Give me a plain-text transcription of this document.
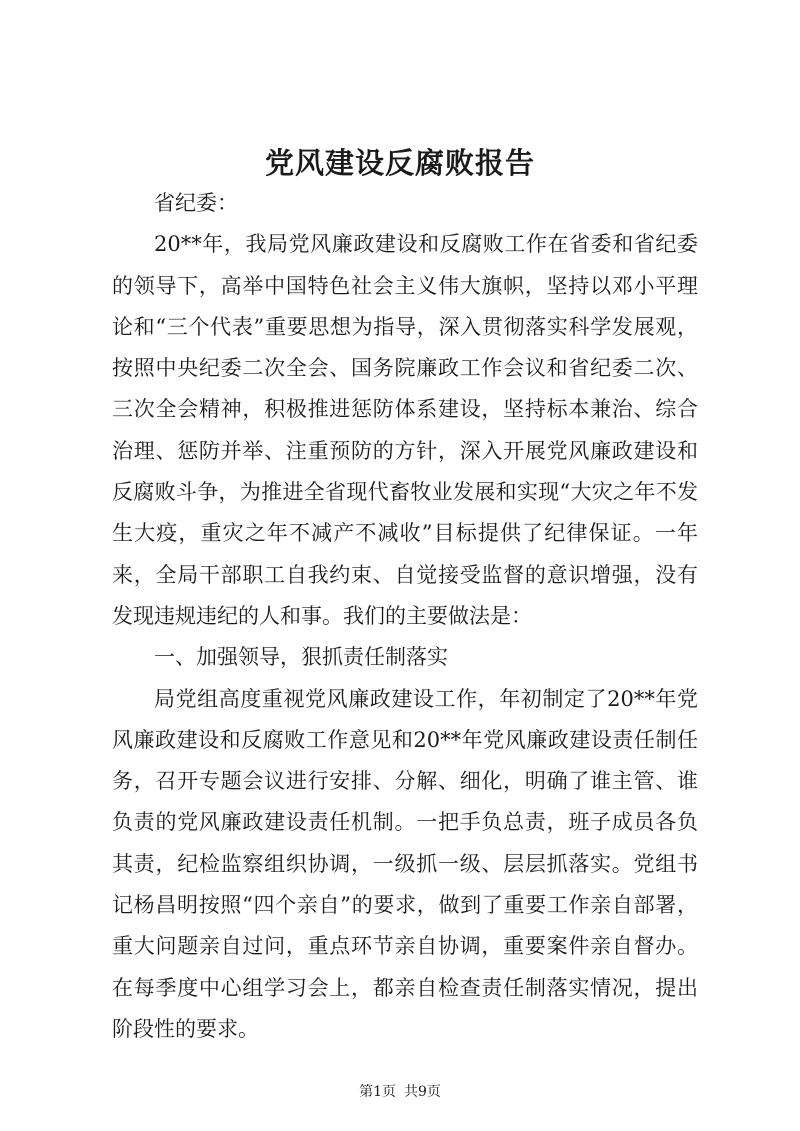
党风建设反腐败报告

省纪委：

20**年，我局党风廉政建设和反腐败工作在省委和省纪委的领导下，高举中国特色社会主义伟大旗帜，坚持以邓小平理论和“三个代表”重要思想为指导，深入贯彻落实科学发展观，按照中央纪委二次全会、国务院廉政工作会议和省纪委二次、三次全会精神，积极推进惩防体系建设，坚持标本兼治、综合治理、惩防并举、注重预防的方针，深入开展党风廉政建设和反腐败斗争，为推进全省现代畜牧业发展和实现“大灾之年不发生大疫，重灾之年不减产不减收”目标提供了纪律保证。一年来，全局干部职工自我约束、自觉接受监督的意识增强，没有发现违规违纪的人和事。我们的主要做法是：

一、加强领导，狠抓责任制落实

局党组高度重视党风廉政建设工作，年初制定了20**年党风廉政建设和反腐败工作意见和20**年党风廉政建设责任制任务，召开专题会议进行安排、分解、细化，明确了谁主管、谁负责的党风廉政建设责任机制。一把手负总责，班子成员各负其责，纪检监察组织协调，一级抓一级、层层抓落实。党组书记杨昌明按照“四个亲自”的要求，做到了重要工作亲自部署，重大问题亲自过问，重点环节亲自协调，重要案件亲自督办。在每季度中心组学习会上，都亲自检查责任制落实情况，提出阶段性的要求。

第1页 共9页
